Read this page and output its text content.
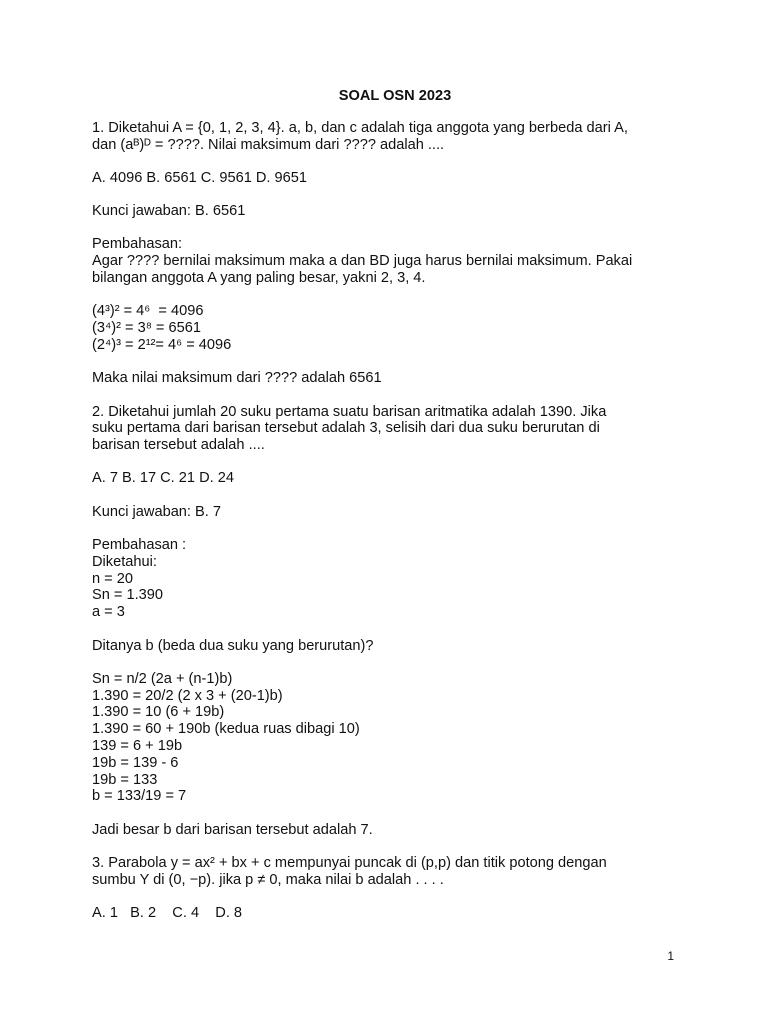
SOAL OSN 2023
1. Diketahui A = {0, 1, 2, 3, 4}. a, b, dan c adalah tiga anggota yang berbeda dari A,
dan (aᴮ)ᴰ = ????. Nilai maksimum dari ???? adalah ....
A. 4096 B. 6561 C. 9561 D. 9651
Kunci jawaban: B. 6561
Pembahasan:
Agar ???? bernilai maksimum maka a dan BD juga harus bernilai maksimum. Pakai
bilangan anggota A yang paling besar, yakni 2, 3, 4.
(4³)² = 4⁶  = 4096
(3⁴)² = 3⁸ = 6561
(2⁴)³ = 2¹²= 4⁶ = 4096
Maka nilai maksimum dari ???? adalah 6561
2. Diketahui jumlah 20 suku pertama suatu barisan aritmatika adalah 1390. Jika
suku pertama dari barisan tersebut adalah 3, selisih dari dua suku berurutan di
barisan tersebut adalah ....
A. 7 B. 17 C. 21 D. 24
Kunci jawaban: B. 7
Pembahasan :
Diketahui:
n = 20
Sn = 1.390
a = 3
Ditanya b (beda dua suku yang berurutan)?
Sn = n/2 (2a + (n-1)b)
1.390 = 20/2 (2 x 3 + (20-1)b)
1.390 = 10 (6 + 19b)
1.390 = 60 + 190b (kedua ruas dibagi 10)
139 = 6 + 19b
19b = 139 - 6
19b = 133
b = 133/19 = 7
Jadi besar b dari barisan tersebut adalah 7.
3. Parabola y = ax² + bx + c mempunyai puncak di (p,p) dan titik potong dengan
sumbu Y di (0, −p). jika p ≠ 0, maka nilai b adalah . . . .
A. 1   B. 2    C. 4    D. 8
1
